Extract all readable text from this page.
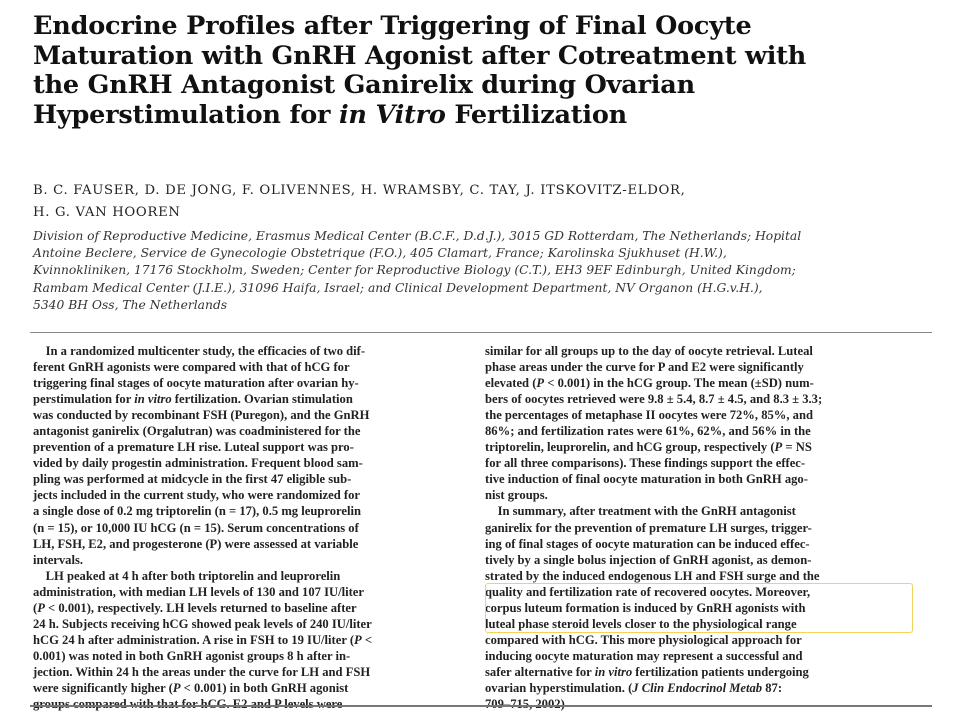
Endocrine Profiles after Triggering of Final Oocyte
Maturation with GnRH Agonist after Cotreatment with
the GnRH Antagonist Ganirelix during Ovarian
Hyperstimulation for in Vitro Fertilization
B. C. FAUSER, D. DE JONG, F. OLIVENNES, H. WRAMSBY, C. TAY, J. ITSKOVITZ-ELDOR,
H. G. VAN HOOREN
Division of Reproductive Medicine, Erasmus Medical Center (B.C.F., D.d.J.), 3015 GD Rotterdam, The Netherlands; Hopital
Antoine Beclere, Service de Gynecologie Obstetrique (F.O.), 405 Clamart, France; Karolinska Sjukhuset (H.W.),
Kvinnokliniken, 17176 Stockholm, Sweden; Center for Reproductive Biology (C.T.), EH3 9EF Edinburgh, United Kingdom;
Rambam Medical Center (J.I.E.), 31096 Haifa, Israel; and Clinical Development Department, NV Organon (H.G.v.H.),
5340 BH Oss, The Netherlands
In a randomized multicenter study, the efficacies of two dif-
ferent GnRH agonists were compared with that of hCG for
triggering final stages of oocyte maturation after ovarian hy-
perstimulation for in vitro fertilization. Ovarian stimulation
was conducted by recombinant FSH (Puregon), and the GnRH
antagonist ganirelix (Orgalutran) was coadministered for the
prevention of a premature LH rise. Luteal support was pro-
vided by daily progestin administration. Frequent blood sam-
pling was performed at midcycle in the first 47 eligible sub-
jects included in the current study, who were randomized for
a single dose of 0.2 mg triptorelin (n = 17), 0.5 mg leuprorelin
(n = 15), or 10,000 IU hCG (n = 15). Serum concentrations of
LH, FSH, E2, and progesterone (P) were assessed at variable
intervals.
LH peaked at 4 h after both triptorelin and leuprorelin
administration, with median LH levels of 130 and 107 IU/liter
(P < 0.001), respectively. LH levels returned to baseline after
24 h. Subjects receiving hCG showed peak levels of 240 IU/liter
hCG 24 h after administration. A rise in FSH to 19 IU/liter (P <
0.001) was noted in both GnRH agonist groups 8 h after in-
jection. Within 24 h the areas under the curve for LH and FSH
were significantly higher (P < 0.001) in both GnRH agonist
similar for all groups up to the day of oocyte retrieval. Luteal
phase areas under the curve for P and E2 were significantly
elevated (P < 0.001) in the hCG group. The mean (±SD) num-
bers of oocytes retrieved were 9.8 ± 5.4, 8.7 ± 4.5, and 8.3 ± 3.3;
the percentages of metaphase II oocytes were 72%, 85%, and
86%; and fertilization rates were 61%, 62%, and 56% in the
triptorelin, leuprorelin, and hCG group, respectively (P = NS
for all three comparisons). These findings support the effec-
tive induction of final oocyte maturation in both GnRH ago-
nist groups.
In summary, after treatment with the GnRH antagonist
ganirelix for the prevention of premature LH surges, trigger-
ing of final stages of oocyte maturation can be induced effec-
tively by a single bolus injection of GnRH agonist, as demon-
strated by the induced endogenous LH and FSH surge and the
quality and fertilization rate of recovered oocytes. Moreover,
corpus luteum formation is induced by GnRH agonists with
luteal phase steroid levels closer to the physiological range
compared with hCG. This more physiological approach for
inducing oocyte maturation may represent a successful and
safer alternative for in vitro fertilization patients undergoing
ovarian hyperstimulation. (J Clin Endocrinol Metab 87:
